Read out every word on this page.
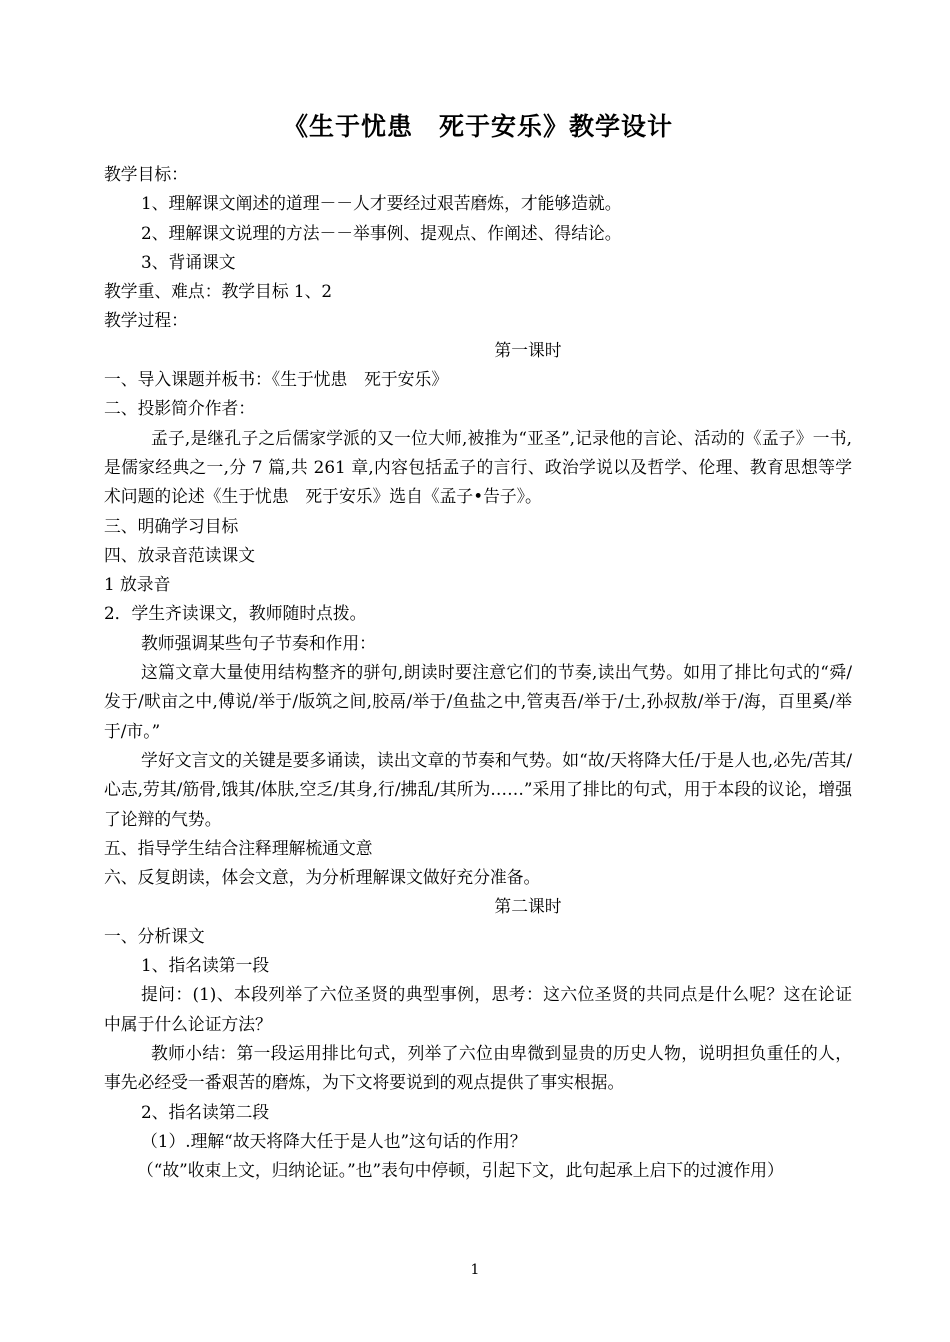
《生于忧患　死于安乐》教学设计
教学目标：
1、理解课文阐述的道理－－人才要经过艰苦磨炼，才能够造就。
2、理解课文说理的方法－－举事例、提观点、作阐述、得结论。
3、背诵课文
教学重、难点：教学目标 1、2
教学过程：
第一课时
一、导入课题并板书：《生于忧患　死于安乐》
二、投影简介作者：
孟子,是继孔子之后儒家学派的又一位大师,被推为“亚圣”,记录他的言论、活动的《孟子》一书,是儒家经典之一,分 7 篇,共 261 章,内容包括孟子的言行、政治学说以及哲学、伦理、教育思想等学术问题的论述《生于忧患　死于安乐》选自《孟子•告子》。
三、明确学习目标
四、放录音范读课文
1 放录音
2．学生齐读课文，教师随时点拨。
教师强调某些句子节奏和作用：
这篇文章大量使用结构整齐的骈句,朗读时要注意它们的节奏,读出气势。如用了排比句式的“舜/发于/畎亩之中,傅说/举于/版筑之间,胶鬲/举于/鱼盐之中,管夷吾/举于/士,孙叔敖/举于/海，百里奚/举于/市。”
学好文言文的关键是要多诵读，读出文章的节奏和气势。如“故/天将降大任/于是人也,必先/苦其/心志,劳其/筋骨,饿其/体肤,空乏/其身,行/拂乱/其所为……”采用了排比的句式，用于本段的议论，增强了论辩的气势。
五、指导学生结合注释理解梳通文意
六、反复朗读，体会文意，为分析理解课文做好充分准备。
第二课时
一、分析课文
1、指名读第一段
提问：(1)、本段列举了六位圣贤的典型事例，思考：这六位圣贤的共同点是什么呢？这在论证中属于什么论证方法？
教师小结：第一段运用排比句式，列举了六位由卑微到显贵的历史人物，说明担负重任的人，事先必经受一番艰苦的磨炼，为下文将要说到的观点提供了事实根据。
2、指名读第二段
（1）.理解“故天将降大任于是人也”这句话的作用？
（“故”收束上文，归纳论证。”也”表句中停顿，引起下文，此句起承上启下的过渡作用）
1
